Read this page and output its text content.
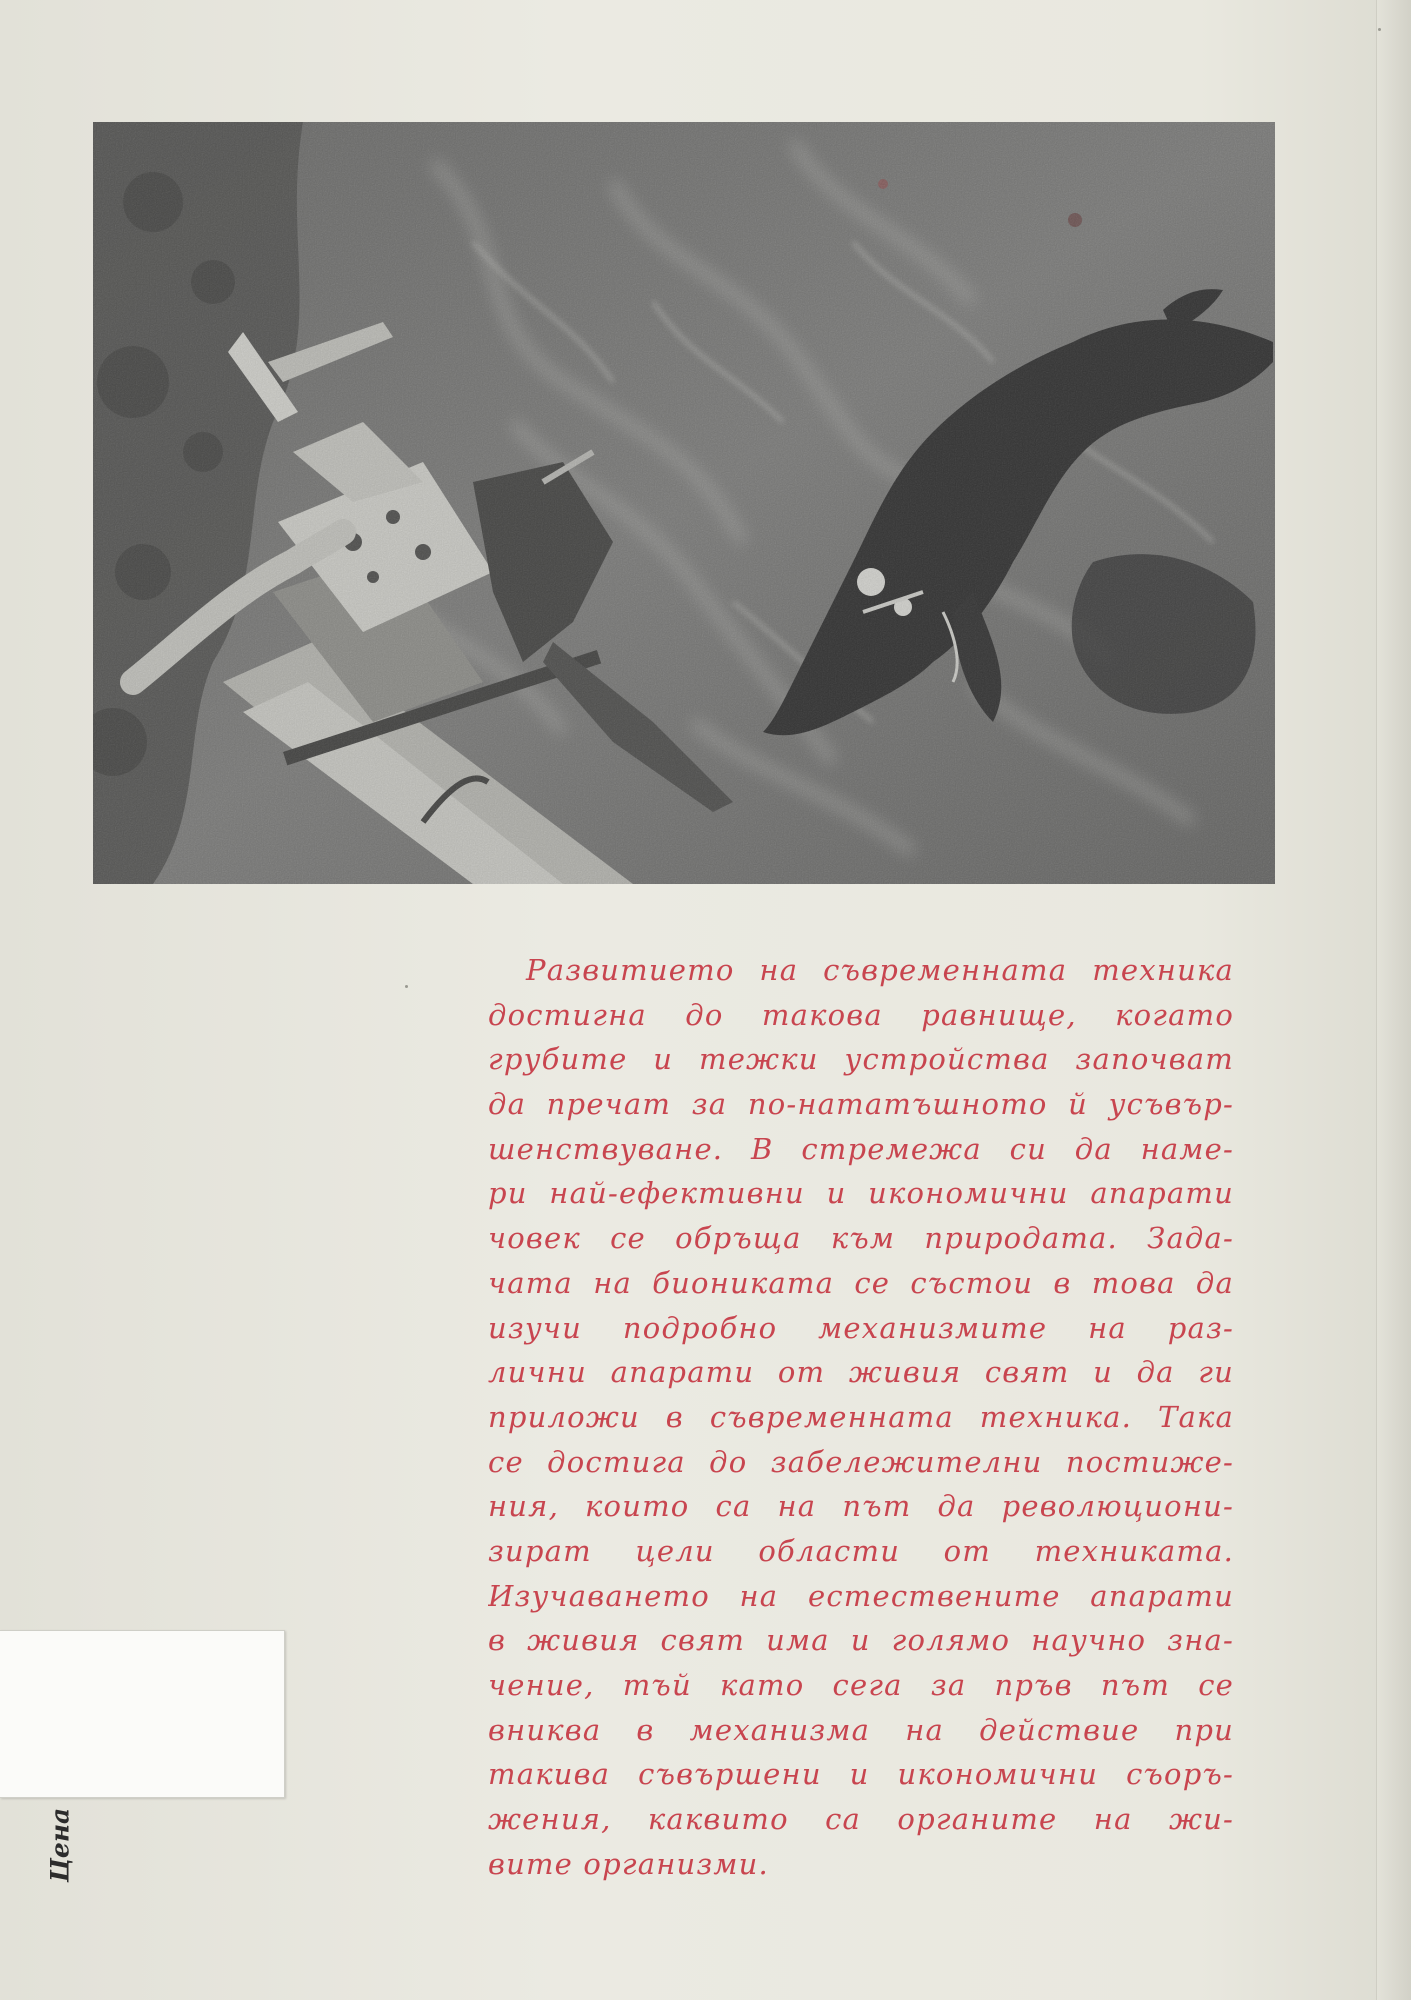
Развитието на съвременната техника
достигна до такова равнище, когато
грубите и тежки устройства започват
да пречат за по-нататъшното й усъвър-
шенствуване. В стремежа си да наме-
ри най-ефективни и икономични апарати
човек се обръща към природата. Зада-
чата на биониката се състои в това да
изучи подробно механизмите на раз-
лични апарати от живия свят и да ги
приложи в съвременната техника. Така
се достига до забележителни постиже-
ния, които са на път да революциони-
зират цели области от техниката.
Изучаването на естествените апарати
в живия свят има и голямо научно зна-
чение, тъй като сега за пръв път се
вниква в механизма на действие при
такива съвършени и икономични съоръ-
жения, каквито са органите на жи-
вите организми.
Цена
